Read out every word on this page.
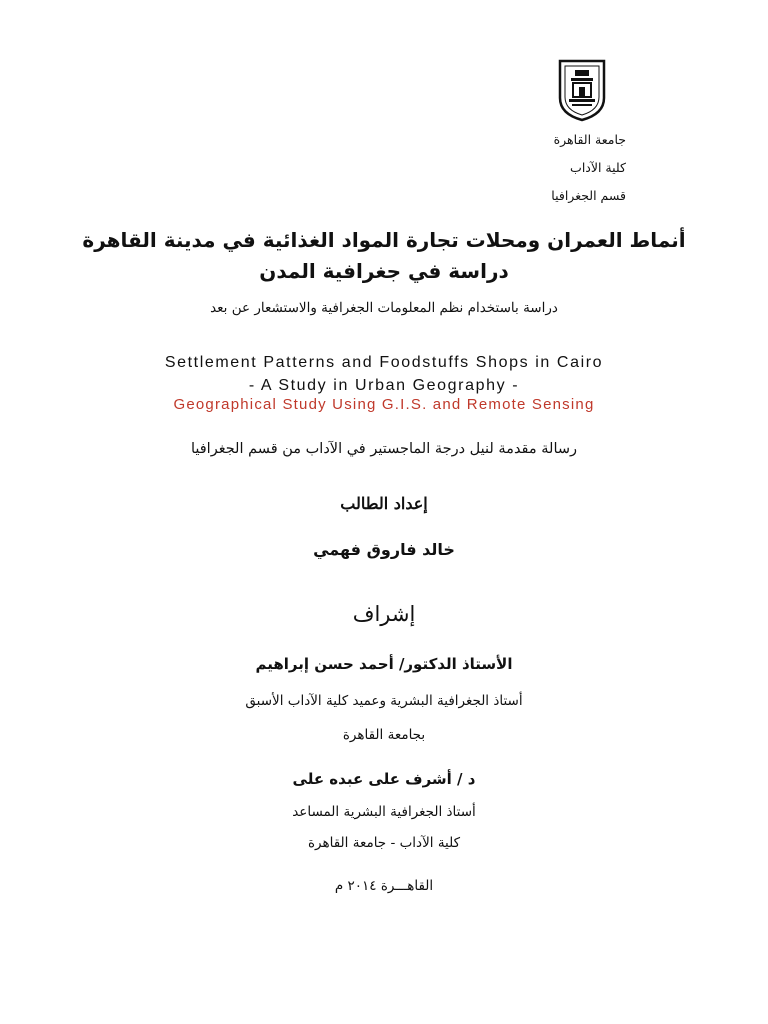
جامعة القاهرة
كلية الآداب
قسم الجغرافيا
أنماط العمران ومحلات تجارة المواد الغذائية في مدينة القاهرة
دراسة في جغرافية المدن
دراسة باستخدام نظم المعلومات الجغرافية والاستشعار عن بعد
Settlement Patterns and Foodstuffs Shops in Cairo
- A Study in Urban Geography -
Geographical Study Using G.I.S. and Remote Sensing
رسالة مقدمة لنيل درجة الماجستير في الآداب من قسم الجغرافيا
إعداد الطالب
خالد فاروق فهمي
إشراف
الأستاذ الدكتور/ أحمد حسن إبراهيم
أستاذ الجغرافية البشرية وعميد كلية الآداب الأسبق
بجامعة القاهرة
د / أشرف على عبده على
أستاذ الجغرافية البشرية المساعد
كلية الآداب - جامعة القاهرة
القاهـــرة ٢٠١٤ م
